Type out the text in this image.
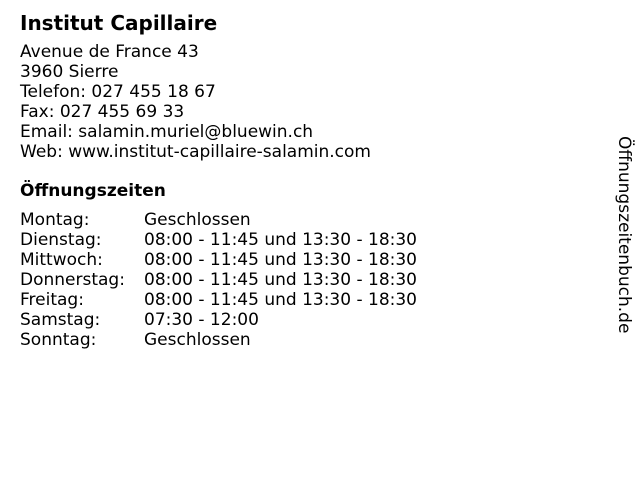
Institut Capillaire
Avenue de France 43
3960 Sierre
Telefon: 027 455 18 67
Fax: 027 455 69 33
Email: salamin.muriel@bluewin.ch
Web: www.institut-capillaire-salamin.com
Öffnungszeiten
Montag:	Geschlossen
Dienstag:	08:00 - 11:45 und 13:30 - 18:30
Mittwoch:	08:00 - 11:45 und 13:30 - 18:30
Donnerstag:	08:00 - 11:45 und 13:30 - 18:30
Freitag:	08:00 - 11:45 und 13:30 - 18:30
Samstag:	07:30 - 12:00
Sonntag:	Geschlossen
Öffnungszeitenbuch.de
